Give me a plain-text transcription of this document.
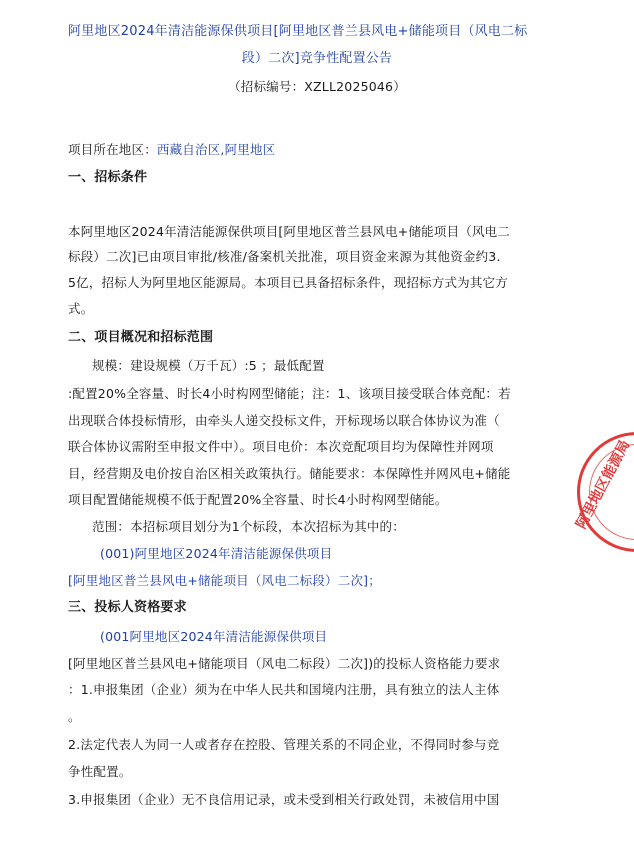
阿里地区2024年清洁能源保供项目[阿里地区普兰县风电+储能项目（风电二标
段）二次]竞争性配置公告
（招标编号：XZLL2025046）
项目所在地区：西藏自治区,阿里地区
一、招标条件
本阿里地区2024年清洁能源保供项目[阿里地区普兰县风电+储能项目（风电二
标段）二次]已由项目审批/核准/备案机关批准，项目资金来源为其他资金约3.
5亿，招标人为阿里地区能源局。本项目已具备招标条件，现招标方式为其它方
式。
二、项目概况和招标范围
规模：建设规模（万千瓦）:5 ；最低配置
:配置20%全容量、时长4小时构网型储能；注：1、该项目接受联合体竞配：若
出现联合体投标情形，由牵头人递交投标文件，开标现场以联合体协议为准（
联合体协议需附至申报文件中）。项目电价：本次竞配项目均为保障性并网项
目，经营期及电价按自治区相关政策执行。储能要求：本保障性并网风电+储能
项目配置储能规模不低于配置20%全容量、时长4小时构网型储能。
范围：本招标项目划分为1个标段，本次招标为其中的：
(001)阿里地区2024年清洁能源保供项目
[阿里地区普兰县风电+储能项目（风电二标段）二次]；
三、投标人资格要求
(001阿里地区2024年清洁能源保供项目
[阿里地区普兰县风电+储能项目（风电二标段）二次])的投标人资格能力要求
：1.申报集团（企业）须为在中华人民共和国境内注册，具有独立的法人主体
。
2.法定代表人为同一人或者存在控股、管理关系的不同企业，不得同时参与竞
争性配置。
3.申报集团（企业）无不良信用记录，或未受到相关行政处罚，未被信用中国
阿里地区能源局
